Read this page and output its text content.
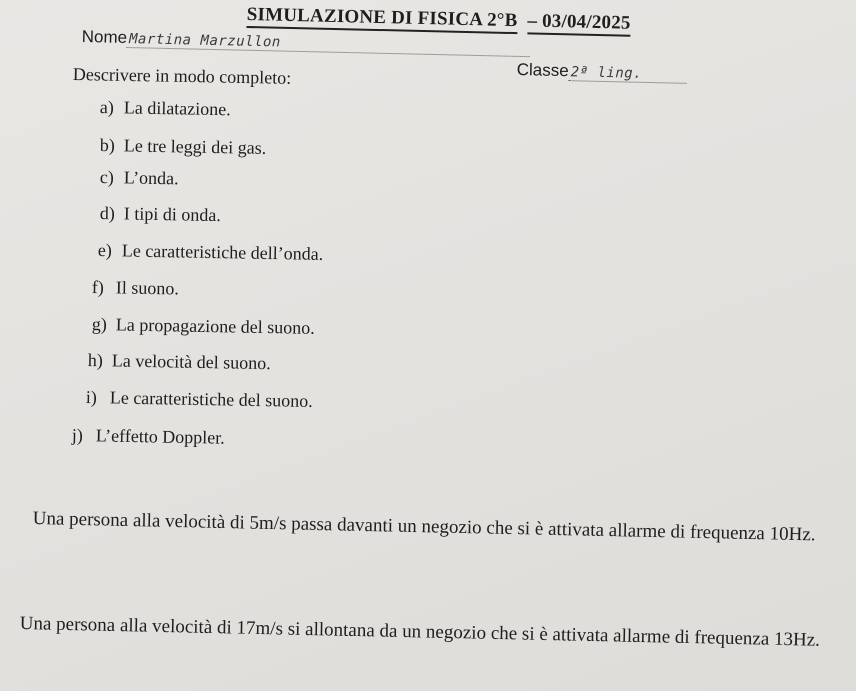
SIMULAZIONE DI FISICA 2°B – 03/04/2025
Nome Martina Marzullon
Classe 2ª ling.
Descrivere in modo completo:
a) La dilatazione.
b) Le tre leggi dei gas.
c) L’onda.
d) I tipi di onda.
e) Le caratteristiche dell’onda.
f) Il suono.
g) La propagazione del suono.
h) La velocità del suono.
i) Le caratteristiche del suono.
j) L’effetto Doppler.
Una persona alla velocità di 5m/s passa davanti un negozio che si è attivata allarme di frequenza 10Hz.
Una persona alla velocità di 17m/s si allontana da un negozio che si è attivata allarme di frequenza 13Hz.
